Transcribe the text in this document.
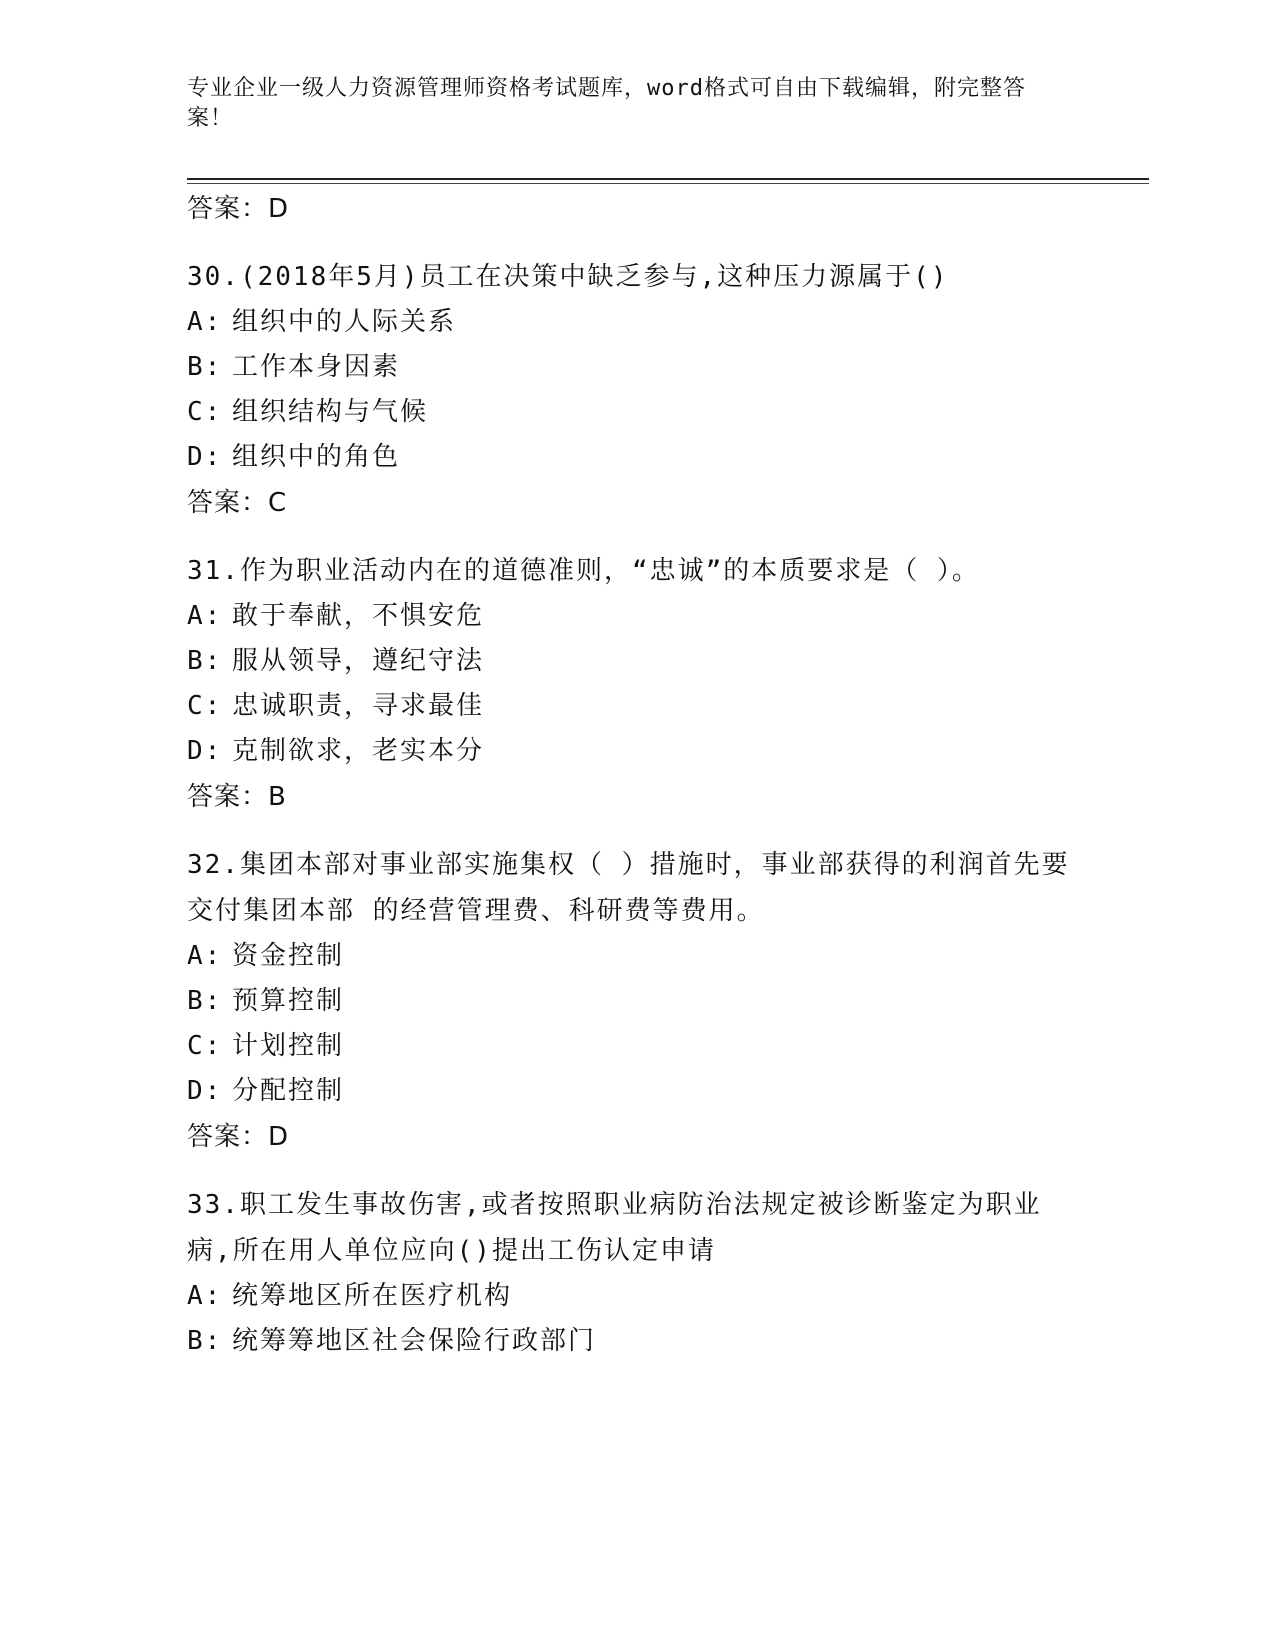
专业企业一级人力资源管理师资格考试题库，word格式可自由下载编辑，附完整答案！

答案：D

30.(2018年5月)员工在决策中缺乏参与,这种压力源属于()

A: 组织中的人际关系

B: 工作本身因素

C: 组织结构与气候

D: 组织中的角色

答案：C

31.作为职业活动内在的道德准则，“忠诚”的本质要求是（ ）。

A: 敢于奉献，不惧安危

B: 服从领导，遵纪守法

C: 忠诚职责，寻求最佳

D: 克制欲求，老实本分

答案：B

32.集团本部对事业部实施集权（ ）措施时，事业部获得的利润首先要交付集团本部 的经营管理费、科研费等费用。

A: 资金控制

B: 预算控制

C: 计划控制

D: 分配控制

答案：D

33.职工发生事故伤害,或者按照职业病防治法规定被诊断鉴定为职业病,所在用人单位应向()提出工伤认定申请

A: 统筹地区所在医疗机构

B: 统筹筹地区社会保险行政部门
